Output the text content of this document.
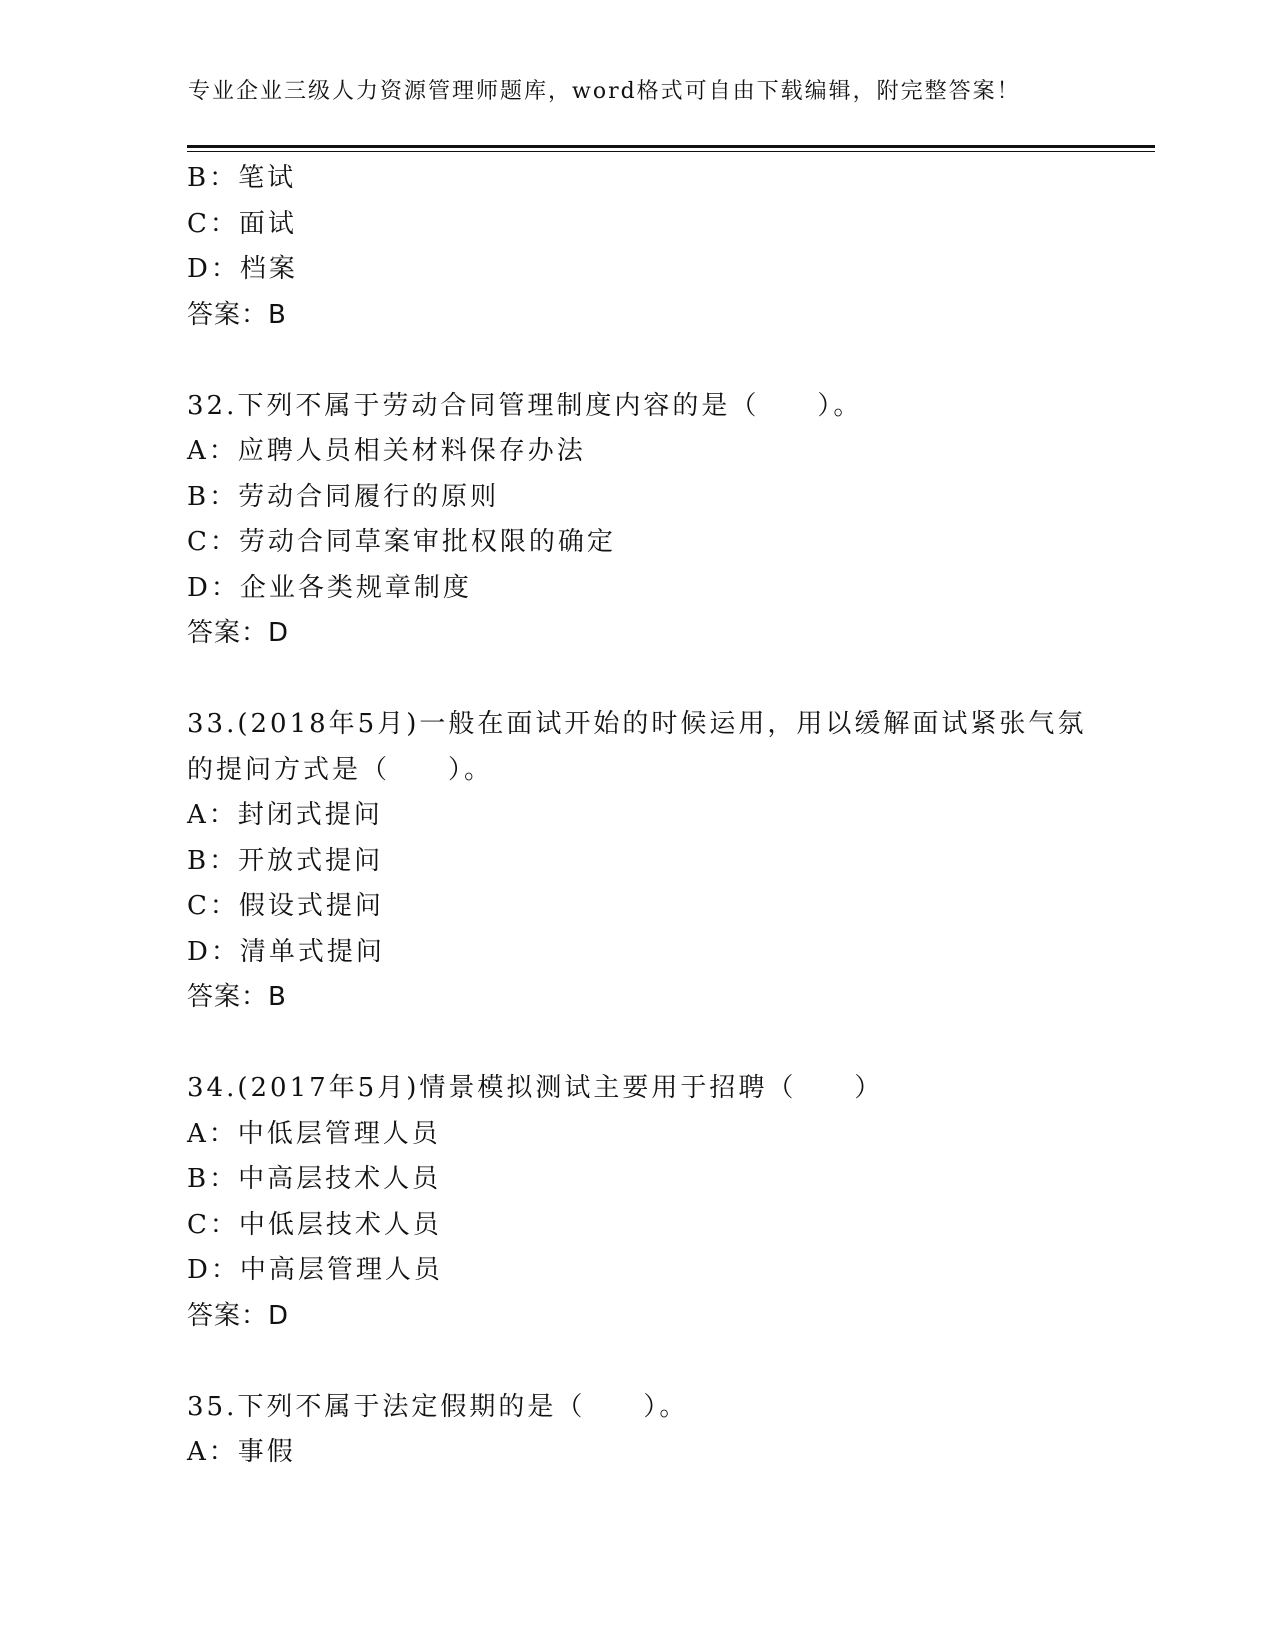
专业企业三级人力资源管理师题库，word格式可自由下载编辑，附完整答案！
B：笔试
C：面试
D：档案
答案：B
32.下列不属于劳动合同管理制度内容的是（　　）。
A：应聘人员相关材料保存办法
B：劳动合同履行的原则
C：劳动合同草案审批权限的确定
D：企业各类规章制度
答案：D
33.(2018年5月)一般在面试开始的时候运用，用以缓解面试紧张气氛的提问方式是（　　）。
A：封闭式提问
B：开放式提问
C：假设式提问
D：清单式提问
答案：B
34.(2017年5月)情景模拟测试主要用于招聘（　　）
A：中低层管理人员
B：中高层技术人员
C：中低层技术人员
D：中高层管理人员
答案：D
35.下列不属于法定假期的是（　　）。
A：事假
